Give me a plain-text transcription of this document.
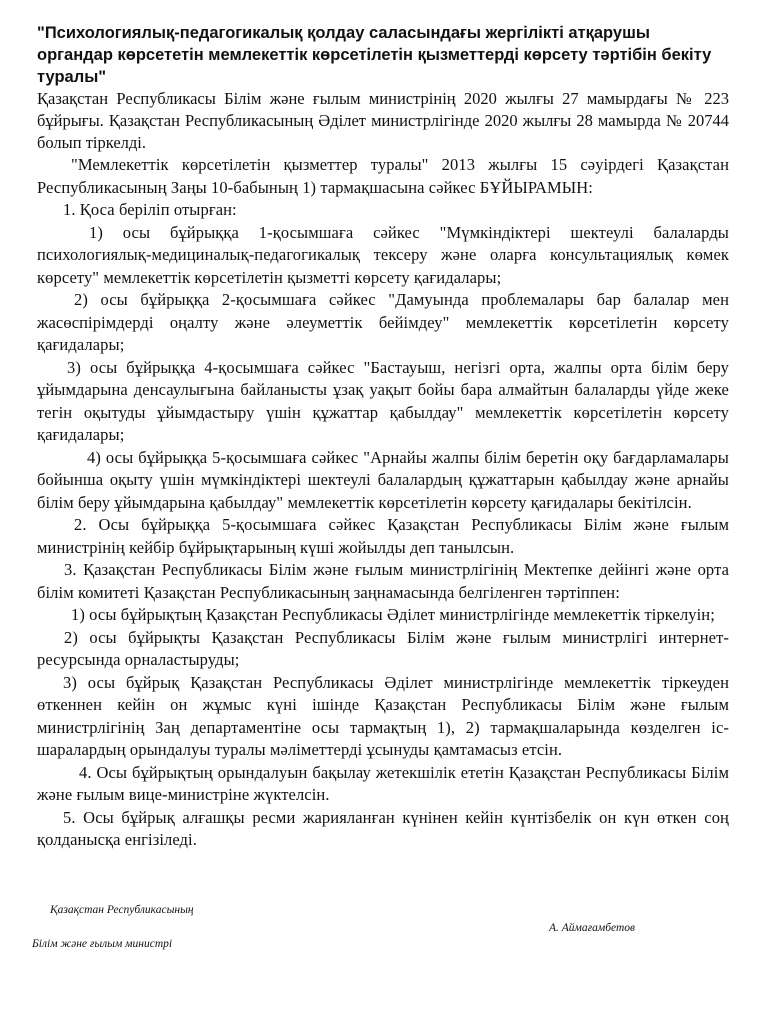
"Психологиялық-педагогикалық қолдау саласындағы жергілікті атқарушы органдар көрсететін мемлекеттік көрсетілетін қызметтерді көрсету тәртібін бекіту туралы"

Қазақстан Республикасы Білім және ғылым министрінің 2020 жылғы 27 мамырдағы № 223 бұйрығы. Қазақстан Республикасының Әділет министрлігінде 2020 жылғы 28 мамырда № 20744 болып тіркелді.

"Мемлекеттік көрсетілетін қызметтер туралы" 2013 жылғы 15 сәуірдегі Қазақстан Республикасының Заңы 10-бабының 1) тармақшасына сәйкес БҰЙЫРАМЫН:

1. Қоса беріліп отырған:

1) осы бұйрыққа 1-қосымшаға сәйкес "Мүмкіндіктері шектеулі балаларды психологиялық-медициналық-педагогикалық тексеру және оларға консультациялық көмек көрсету" мемлекеттік көрсетілетін қызметті көрсету қағидалары;

2) осы бұйрыққа 2-қосымшаға сәйкес "Дамуында проблемалары бар балалар мен жасөспірімдерді оңалту және әлеуметтік бейімдеу" мемлекеттік көрсетілетін көрсету қағидалары;

3) осы бұйрыққа 4-қосымшаға сәйкес "Бастауыш, негізгі орта, жалпы орта білім беру ұйымдарына денсаулығына байланысты ұзақ уақыт бойы бара алмайтын балаларды үйде жеке тегін оқытуды ұйымдастыру үшін құжаттар қабылдау" мемлекеттік көрсетілетін көрсету қағидалары;

4) осы бұйрыққа 5-қосымшаға сәйкес "Арнайы жалпы білім беретін оқу бағдарламалары бойынша оқыту үшін мүмкіндіктері шектеулі балалардың құжаттарын қабылдау және арнайы білім беру ұйымдарына қабылдау" мемлекеттік көрсетілетін көрсету қағидалары бекітілсін.

2. Осы бұйрыққа 5-қосымшаға сәйкес Қазақстан Республикасы Білім және ғылым министрінің кейбір бұйрықтарының күші жойылды деп танылсын.

3. Қазақстан Республикасы Білім және ғылым министрлігінің Мектепке дейінгі және орта білім комитеті Қазақстан Республикасының заңнамасында белгіленген тәртіппен:

1) осы бұйрықтың Қазақстан Республикасы Әділет министрлігінде мемлекеттік тіркелуін;

2) осы бұйрықты Қазақстан Республикасы Білім және ғылым министрлігі интернет-ресурсында орналастыруды;

3) осы бұйрық Қазақстан Республикасы Әділет министрлігінде мемлекеттік тіркеуден өткеннен кейін он жұмыс күні ішінде Қазақстан Республикасы Білім және ғылым министрлігінің Заң департаментіне осы тармақтың 1), 2) тармақшаларында көзделген іс-шаралардың орындалуы туралы мәліметтерді ұсынуды қамтамасыз етсін.

4. Осы бұйрықтың орындалуын бақылау жетекшілік ететін Қазақстан Республикасы Білім және ғылым вице-министріне жүктелсін.

5. Осы бұйрық алғашқы ресми жарияланған күнінен кейін күнтізбелік он күн өткен соң қолданысқа енгізіледі.

Қазақстан Республикасының
А. Аймағамбетов
Білім және ғылым министрі
